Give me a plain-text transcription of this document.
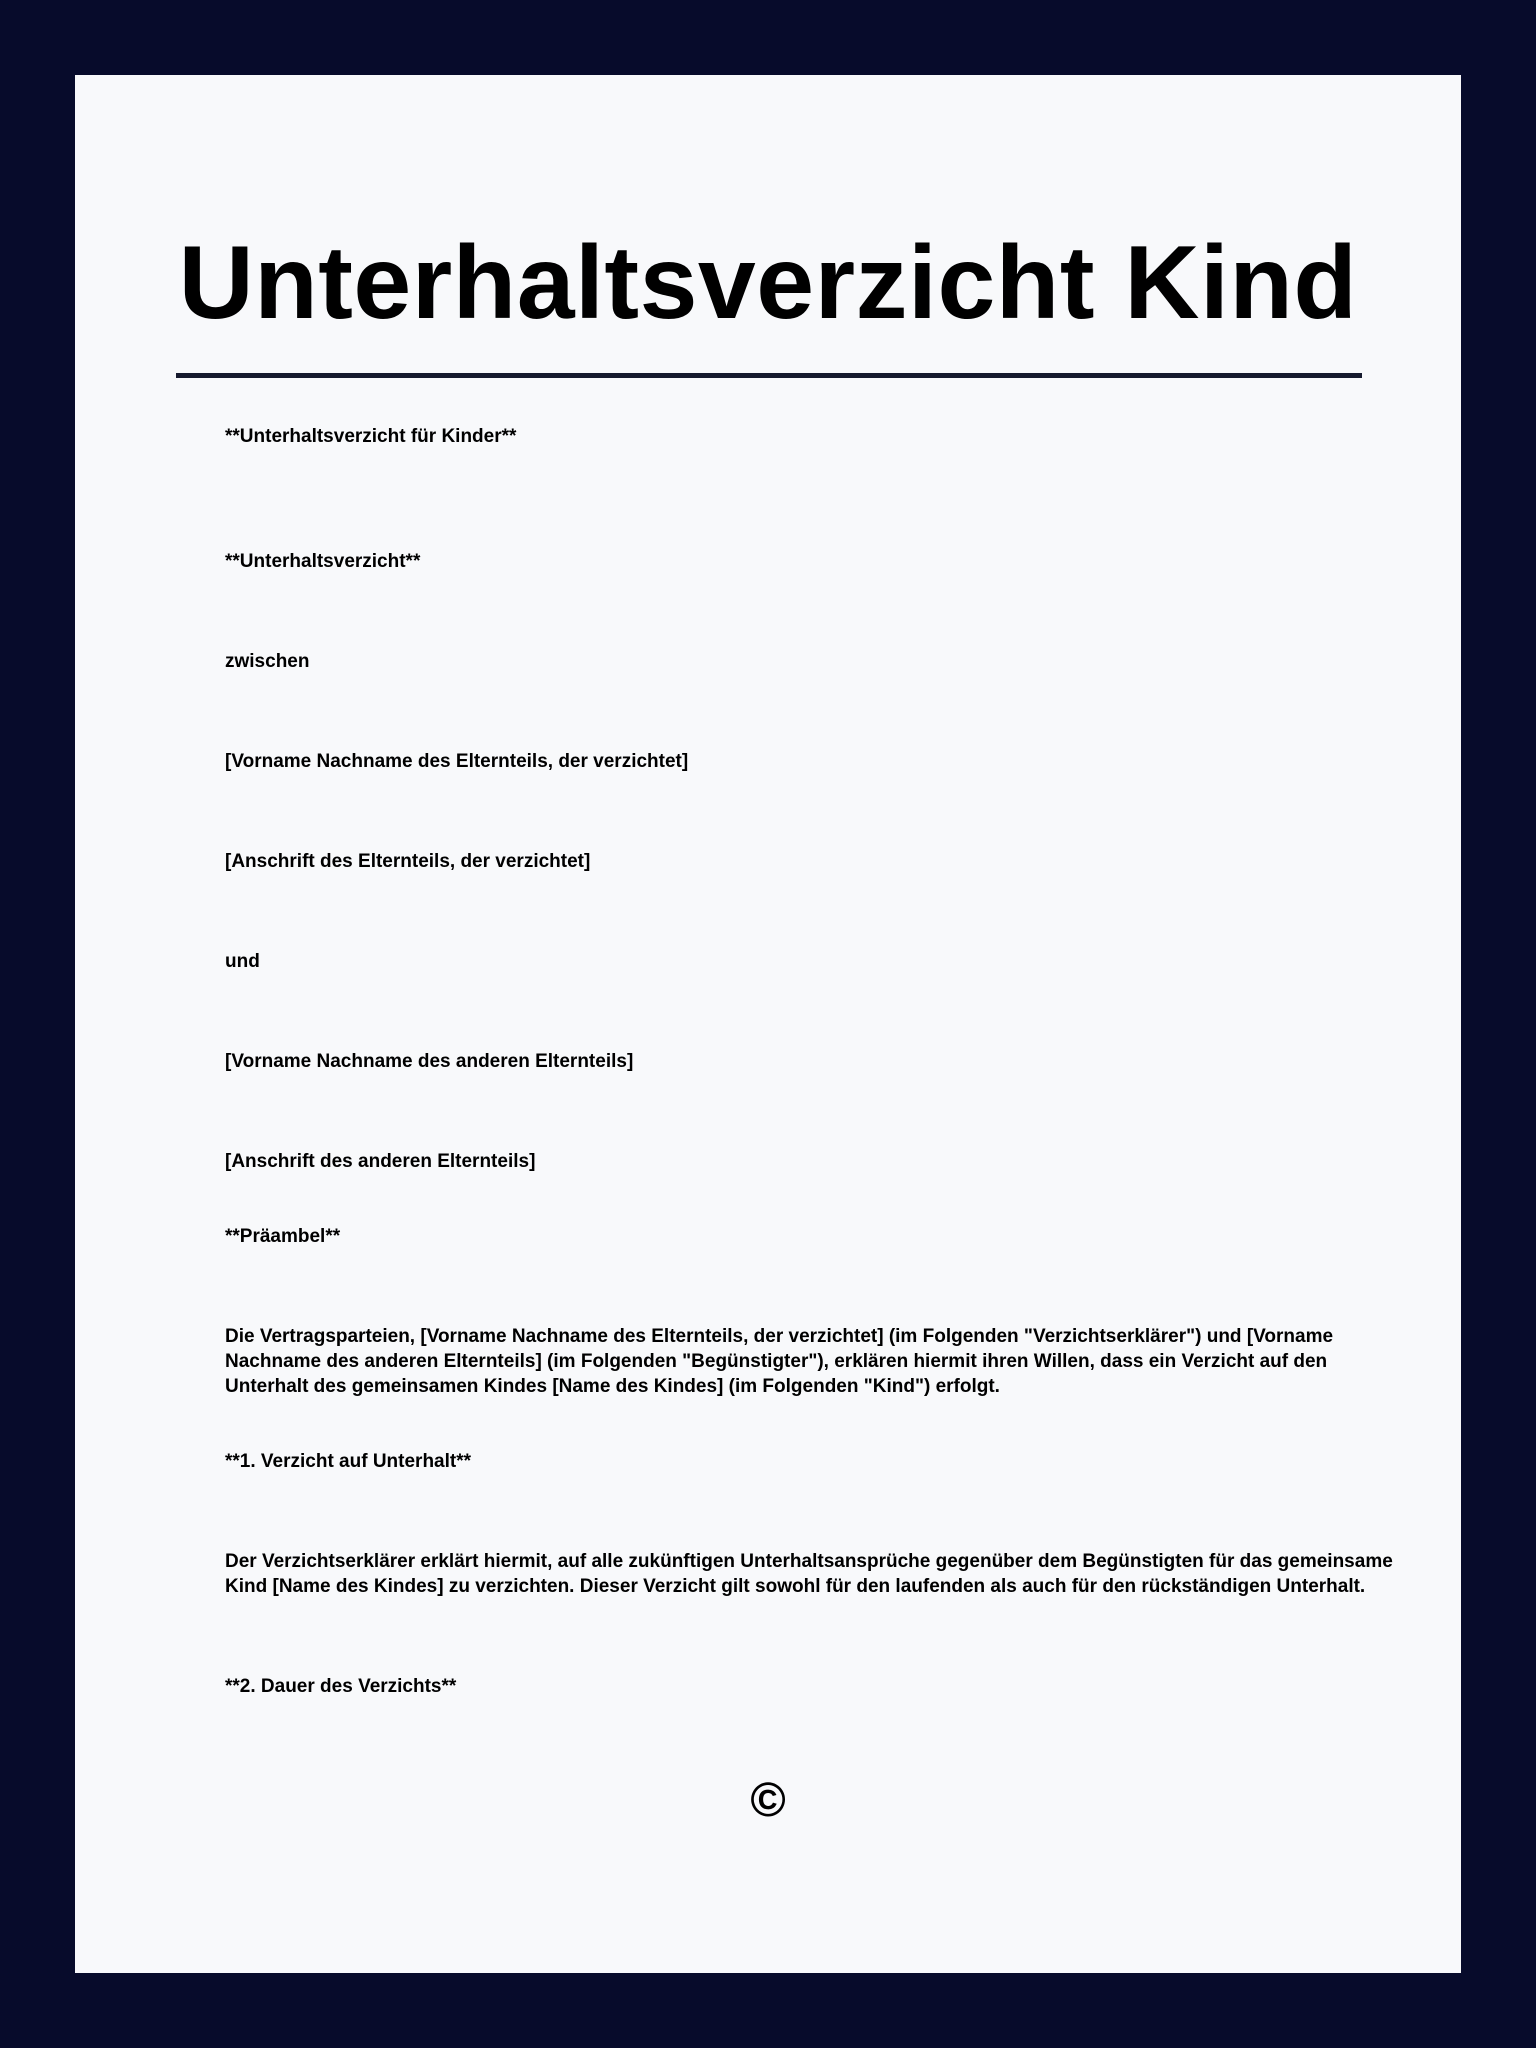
Unterhaltsverzicht Kind

**Unterhaltsverzicht für Kinder**

**Unterhaltsverzicht**

zwischen

[Vorname Nachname des Elternteils, der verzichtet]

[Anschrift des Elternteils, der verzichtet]

und

[Vorname Nachname des anderen Elternteils]

[Anschrift des anderen Elternteils]

**Präambel**

Die Vertragsparteien, [Vorname Nachname des Elternteils, der verzichtet] (im Folgenden "Verzichtserklärer") und [Vorname Nachname des anderen Elternteils] (im Folgenden "Begünstigter"), erklären hiermit ihren Willen, dass ein Verzicht auf den Unterhalt des gemeinsamen Kindes [Name des Kindes] (im Folgenden "Kind") erfolgt.

**1. Verzicht auf Unterhalt**

Der Verzichtserklärer erklärt hiermit, auf alle zukünftigen Unterhaltsansprüche gegenüber dem Begünstigten für das gemeinsame Kind [Name des Kindes] zu verzichten. Dieser Verzicht gilt sowohl für den laufenden als auch für den rückständigen Unterhalt.

**2. Dauer des Verzichts**

©
